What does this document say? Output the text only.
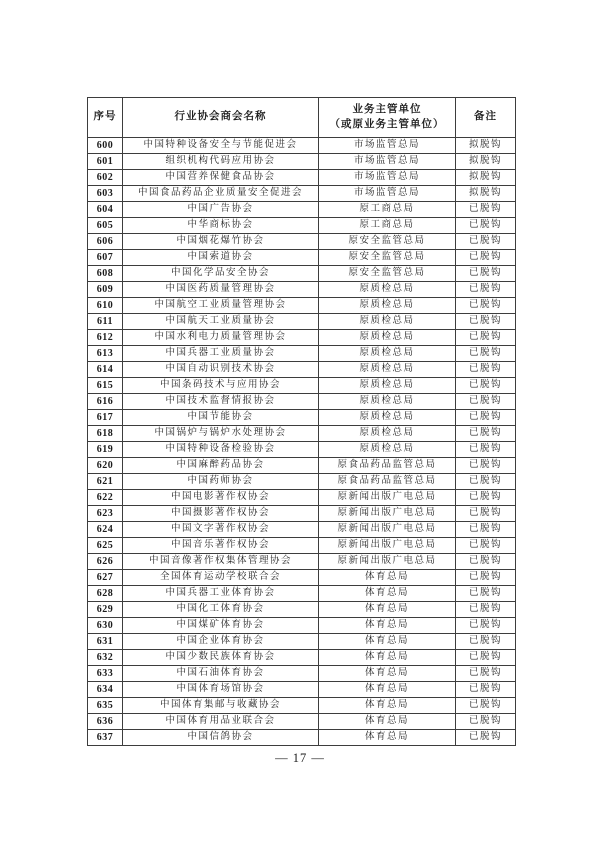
序号	行业协会商会名称	业务主管单位
（或原业务主管单位）	备注
600	中国特种设备安全与节能促进会	市场监管总局	拟脱钩
601	组织机构代码应用协会	市场监管总局	拟脱钩
602	中国营养保健食品协会	市场监管总局	拟脱钩
603	中国食品药品企业质量安全促进会	市场监管总局	拟脱钩
604	中国广告协会	原工商总局	已脱钩
605	中华商标协会	原工商总局	已脱钩
606	中国烟花爆竹协会	原安全监管总局	已脱钩
607	中国索道协会	原安全监管总局	已脱钩
608	中国化学品安全协会	原安全监管总局	已脱钩
609	中国医药质量管理协会	原质检总局	已脱钩
610	中国航空工业质量管理协会	原质检总局	已脱钩
611	中国航天工业质量协会	原质检总局	已脱钩
612	中国水利电力质量管理协会	原质检总局	已脱钩
613	中国兵器工业质量协会	原质检总局	已脱钩
614	中国自动识别技术协会	原质检总局	已脱钩
615	中国条码技术与应用协会	原质检总局	已脱钩
616	中国技术监督情报协会	原质检总局	已脱钩
617	中国节能协会	原质检总局	已脱钩
618	中国锅炉与锅炉水处理协会	原质检总局	已脱钩
619	中国特种设备检验协会	原质检总局	已脱钩
620	中国麻醉药品协会	原食品药品监管总局	已脱钩
621	中国药师协会	原食品药品监管总局	已脱钩
622	中国电影著作权协会	原新闻出版广电总局	已脱钩
623	中国摄影著作权协会	原新闻出版广电总局	已脱钩
624	中国文字著作权协会	原新闻出版广电总局	已脱钩
625	中国音乐著作权协会	原新闻出版广电总局	已脱钩
626	中国音像著作权集体管理协会	原新闻出版广电总局	已脱钩
627	全国体育运动学校联合会	体育总局	已脱钩
628	中国兵器工业体育协会	体育总局	已脱钩
629	中国化工体育协会	体育总局	已脱钩
630	中国煤矿体育协会	体育总局	已脱钩
631	中国企业体育协会	体育总局	已脱钩
632	中国少数民族体育协会	体育总局	已脱钩
633	中国石油体育协会	体育总局	已脱钩
634	中国体育场馆协会	体育总局	已脱钩
635	中国体育集邮与收藏协会	体育总局	已脱钩
636	中国体育用品业联合会	体育总局	已脱钩
637	中国信鸽协会	体育总局	已脱钩
— 17 —
